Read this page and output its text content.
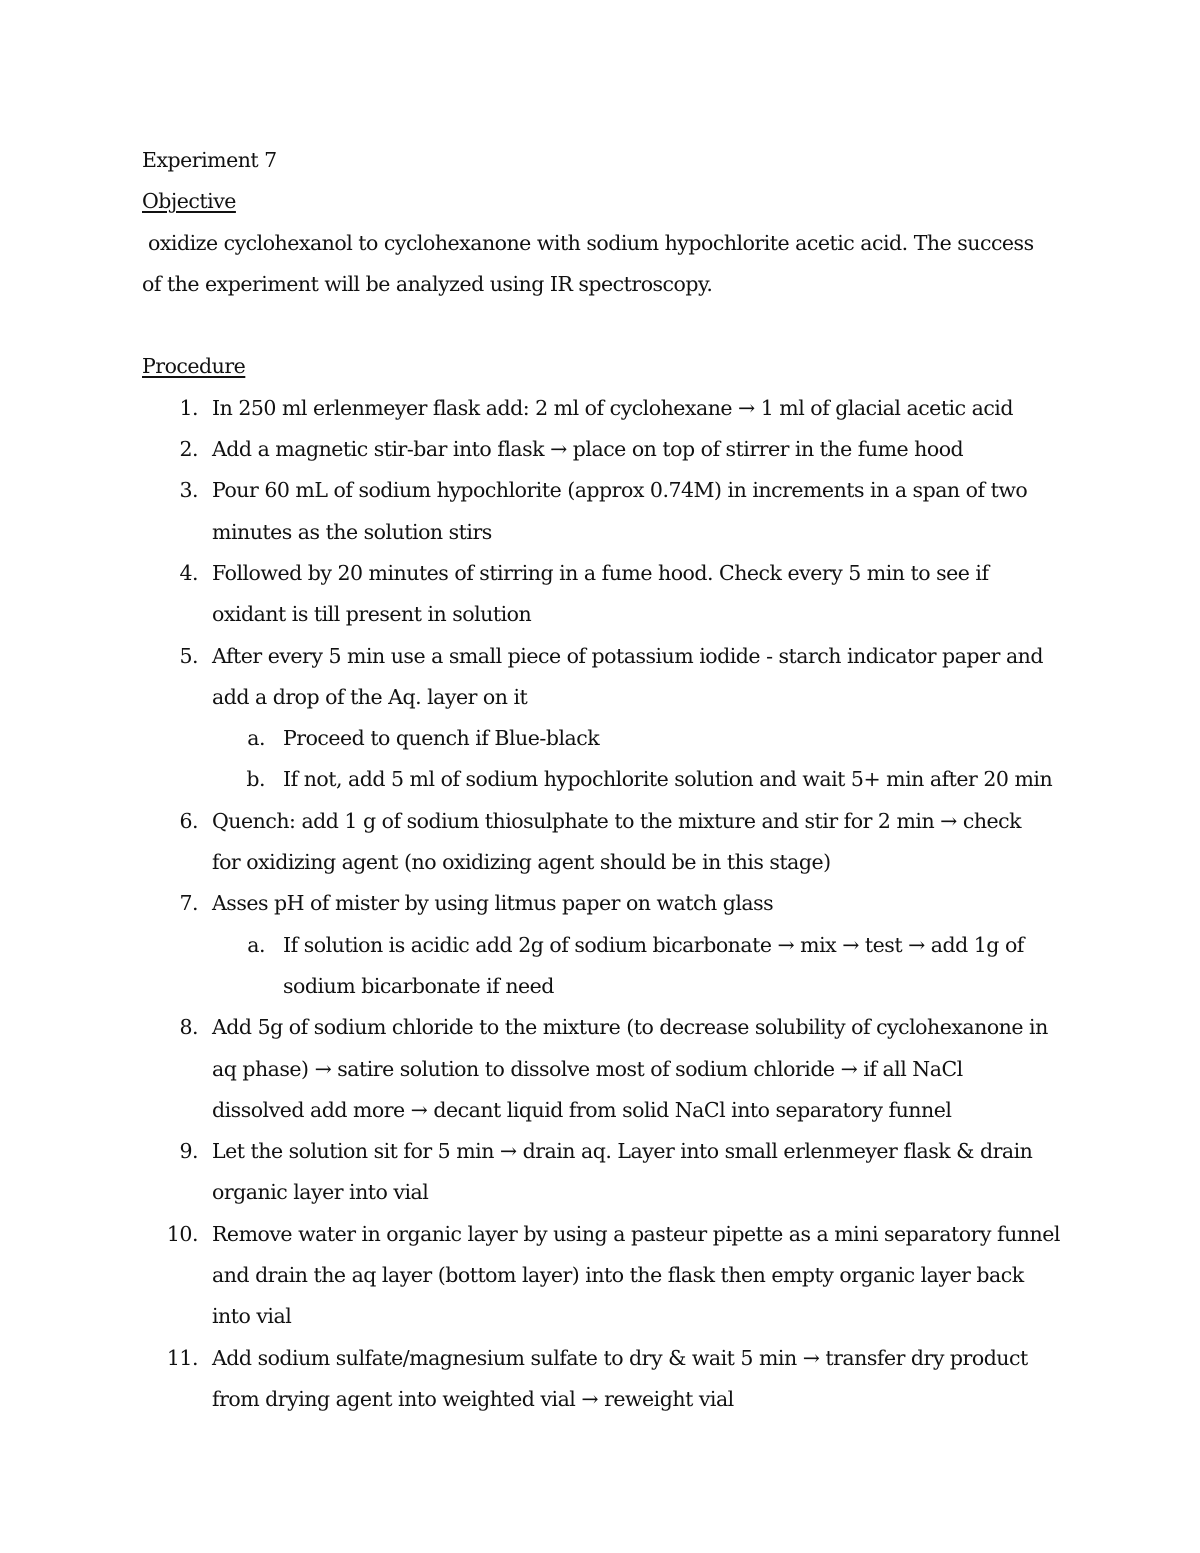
Experiment 7

Objective

oxidize cyclohexanol to cyclohexanone with sodium hypochlorite acetic acid. The success

of the experiment will be analyzed using IR spectroscopy.

Procedure

1. In 250 ml erlenmeyer flask add: 2 ml of cyclohexane → 1 ml of glacial acetic acid
2. Add a magnetic stir-bar into flask → place on top of stirrer in the fume hood
3. Pour 60 mL of sodium hypochlorite (approx 0.74M) in increments in a span of two
minutes as the solution stirs
4. Followed by 20 minutes of stirring in a fume hood. Check every 5 min to see if
oxidant is till present in solution
5. After every 5 min use a small piece of potassium iodide - starch indicator paper and
add a drop of the Aq. layer on it
a. Proceed to quench if Blue-black
b. If not, add 5 ml of sodium hypochlorite solution and wait 5+ min after 20 min
6. Quench: add 1 g of sodium thiosulphate to the mixture and stir for 2 min → check
for oxidizing agent (no oxidizing agent should be in this stage)
7. Asses pH of mister by using litmus paper on watch glass
a. If solution is acidic add 2g of sodium bicarbonate → mix → test → add 1g of
sodium bicarbonate if need
8. Add 5g of sodium chloride to the mixture (to decrease solubility of cyclohexanone in
aq phase) → satire solution to dissolve most of sodium chloride → if all NaCl
dissolved add more → decant liquid from solid NaCl into separatory funnel
9. Let the solution sit for 5 min → drain aq. Layer into small erlenmeyer flask & drain
organic layer into vial
10. Remove water in organic layer by using a pasteur pipette as a mini separatory funnel
and drain the aq layer (bottom layer) into the flask then empty organic layer back
into vial
11. Add sodium sulfate/magnesium sulfate to dry & wait 5 min → transfer dry product
from drying agent into weighted vial → reweight vial
